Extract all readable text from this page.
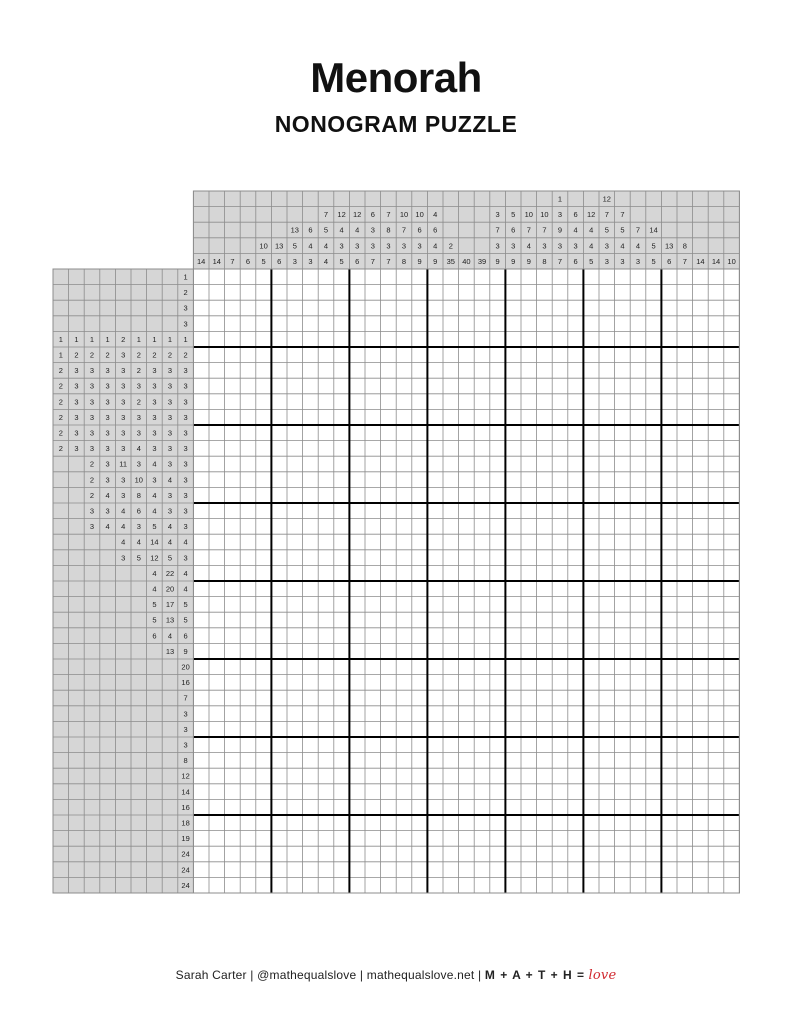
Menorah
NONOGRAM PUZZLE
14 14 7 6
10
5
13
6
13
5
3
6
4
3
7
5
4
4
12
4
3
5
12
4
3
6
6
3
3
7
7
8
3
7
10
7
3
8
10
6
3
9
4
6
4
9
2
35 40 39
3
7
3
9
5
6
3
9
10
7
4
9
10
7
3
8
1
3
9
3
7
6
4
3
6
12
4
4
5
12
7
5
3
3
7
5
4
3
7
4
3
14
5
5
13
6
8
7 14 14 10
1
2
3
3
1 1 1 1 2 1 1 1 1
1 2 2 2 3 2 2 2 2
2 3 3 3 3 2 3 3 3
2 3 3 3 3 3 3 3 3
2 3 3 3 3 2 3 3 3
2 3 3 3 3 3 3 3 3
2 3 3 3 3 3 3 3 3
2 3 3 3 3 4 3 3 3
2 3 11 3 4 3 3
2 3 3 10 3 4 3
2 4 3 8 4 3 3
3 3 4 6 4 3 3
3 4 4 3 5 4 3
4 4 14 4 4
3 5 12 5 3
4 22 4
4 20 4
5 17 5
5 13 5
6 4 6
13 9
20
16
7
3
3
3
8
12
14
16
18
19
24
24
24
Sarah Carter | @mathequalslove | mathequalslove.net | M + A + T + H = love
